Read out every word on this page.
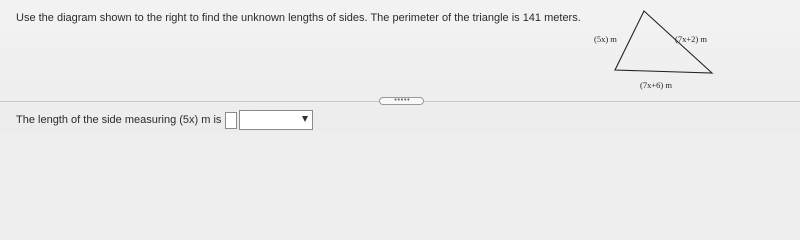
Use the diagram shown to the right to find the unknown lengths of sides. The perimeter of the triangle is 141 meters.
(5x) m	(7x+2) m
(7x+6) m
•••••
The length of the side measuring (5x) m is
